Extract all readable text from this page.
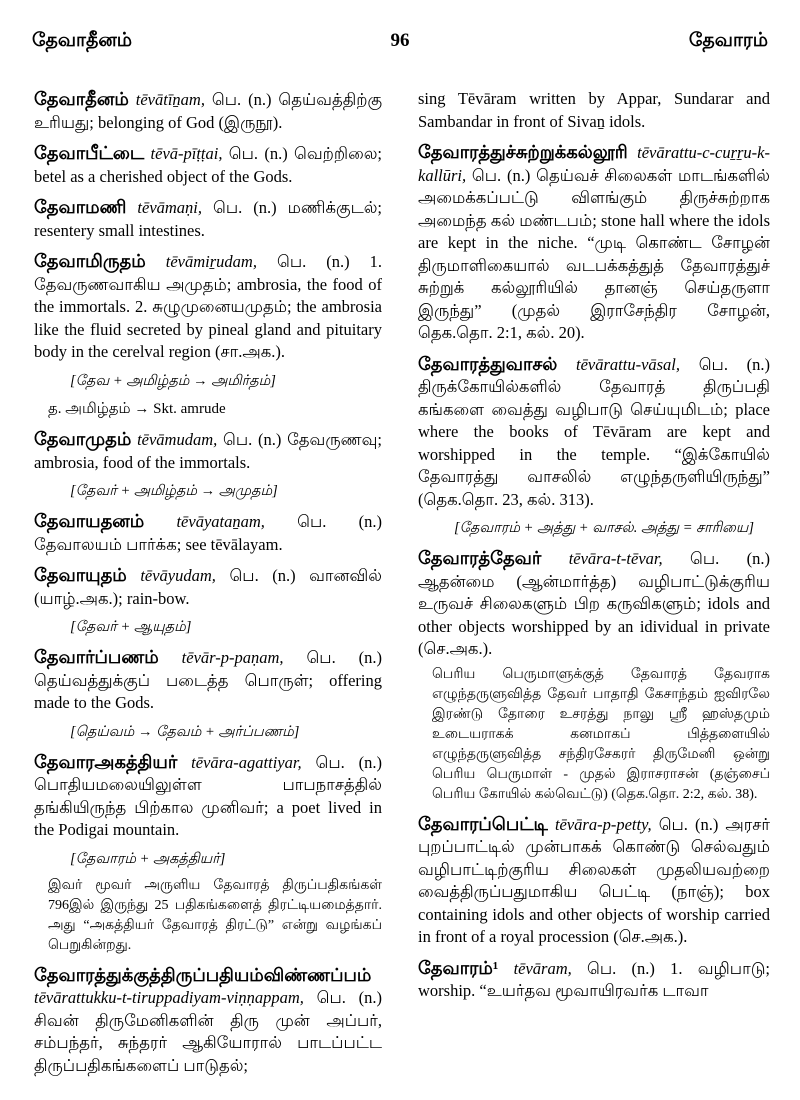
தேவாதீனம்	96	தேவாரம்
தேவாதீனம் tēvātīṉam, பெ. (n.) தெய்வத்திற்கு உரியது; belonging of God (இருநூ).
தேவாபீட்டை tēvā-pīṭṭai, பெ. (n.) வெற்றிலை; betel as a cherished object of the Gods.
தேவாமணி tēvāmaṇi, பெ. (n.) மணிக்குடல்; resentery small intestines.
தேவாமிருதம் tēvāmiṟudam, பெ. (n.) 1. தேவருணவாகிய அமுதம்; ambrosia, the food of the immortals. 2. சுழுமுனையமுதம்; the ambrosia like the fluid secreted by pineal gland and pituitary body in the cerelval region (சா.அக.).
[தேவ + அமிழ்தம் → அமிர்தம்]
த. அமிழ்தம் → Skt. amrude
தேவாமுதம் tēvāmudam, பெ. (n.) தேவருணவு; ambrosia, food of the immortals.
[தேவர் + அமிழ்தம் → அமுதம்]
தேவாயதனம் tēvāyataṉam, பெ. (n.) தேவாலயம் பார்க்க; see tēvālayam.
தேவாயுதம் tēvāyudam, பெ. (n.) வானவில் (யாழ்.அக.); rain-bow.
[தேவர் + ஆயுதம்]
தேவார்ப்பணம் tēvār-p-paṇam, பெ. (n.) தெய்வத்துக்குப் படைத்த பொருள்; offering made to the Gods.
[தெய்வம் → தேவம் + அர்ப்பணம்]
தேவாரஅகத்தியர் tēvāra-agattiyar, பெ. (n.) பொதியமலையிலுள்ள பாபநாசத்தில் தங்கியிருந்த பிற்கால முனிவர்; a poet lived in the Podigai mountain.
[தேவாரம் + அகத்தியர்]
இவர் மூவர் அருளிய தேவாரத் திருப்பதிகங்கள் 796இல் இருந்து 25 பதிகங்களைத் திரட்டியமைத்தார். அது “அகத்தியர் தேவாரத் திரட்டு” என்று வழங்கப் பெறுகின்றது.
தேவாரத்துக்குத்திருப்பதியம்விண்ணப்பம் tēvārattukku-t-tiruppadiyam-viṇṇappam, பெ. (n.) சிவன் திருமேனிகளின் திரு முன் அப்பர், சம்பந்தர், சுந்தரர் ஆகியோரால் பாடப்பட்ட திருப்பதிகங்களைப் பாடுதல்;
sing Tēvāram written by Appar, Sundarar and Sambandar in front of Sivaṉ idols.
தேவாரத்துச்சுற்றுக்கல்லூரி tēvārattu-c-cuṟṟu-k-kallūri, பெ. (n.) தெய்வச் சிலைகள் மாடங்களில் அமைக்கப்பட்டு விளங்கும் திருச்சுற்றாக அமைந்த கல் மண்டபம்; stone hall where the idols are kept in the niche. “முடி கொண்ட சோழன் திருமாளிகையால் வடபக்கத்துத் தேவாரத்துச் சுற்றுக் கல்லூரியில் தானஞ் செய்தருளா இருந்து” (முதல் இராசேந்திர சோழன், தெக.தொ. 2:1, கல். 20).
தேவாரத்துவாசல் tēvārattu-vāsal, பெ. (n.) திருக்கோயில்களில் தேவாரத் திருப்பதி கங்களை வைத்து வழிபாடு செய்யுமிடம்; place where the books of Tēvāram are kept and worshipped in the temple. “இக்கோயில் தேவாரத்து வாசலில் எழுந்தருளியிருந்து” (தெக.தொ. 23, கல். 313).
[தேவாரம் + அத்து + வாசல். அத்து = சாரியை]
தேவாரத்தேவர் tēvāra-t-tēvar, பெ. (n.) ஆதன்மை (ஆன்மார்த்த) வழிபாட்டுக்குரிய உருவச் சிலைகளும் பிற கருவிகளும்; idols and other objects worshipped by an idividual in private (செ.அக.).
பெரிய பெருமாளுக்குத் தேவாரத் தேவராக எழுந்தருளுவித்த தேவர் பாதாதி கேசாந்தம் ஐவிரலே இரண்டு தோரை உசரத்து நாலு ஸ்ரீ ஹஸ்தமும் உடையராகக் கனமாகப் பித்தளையில் எழுந்தருளுவித்த சந்திரசேகரர் திருமேனி ஒன்று பெரிய பெருமாள் - முதல் இராசராசன் (தஞ்சைப் பெரிய கோயில் கல்வெட்டு) (தெக.தொ. 2:2, கல். 38).
தேவாரப்பெட்டி tēvāra-p-petty, பெ. (n.) அரசர் புறப்பாட்டில் முன்பாகக் கொண்டு செல்வதும் வழிபாட்டிற்குரிய சிலைகள் முதலியவற்றை வைத்திருப்பதுமாகிய பெட்டி (நாஞ்); box containing idols and other objects of worship carried in front of a royal procession (செ.அக.).
தேவாரம்¹ tēvāram, பெ. (n.) 1. வழிபாடு; worship. “உயர்தவ மூவாயிரவர்க டாவா
